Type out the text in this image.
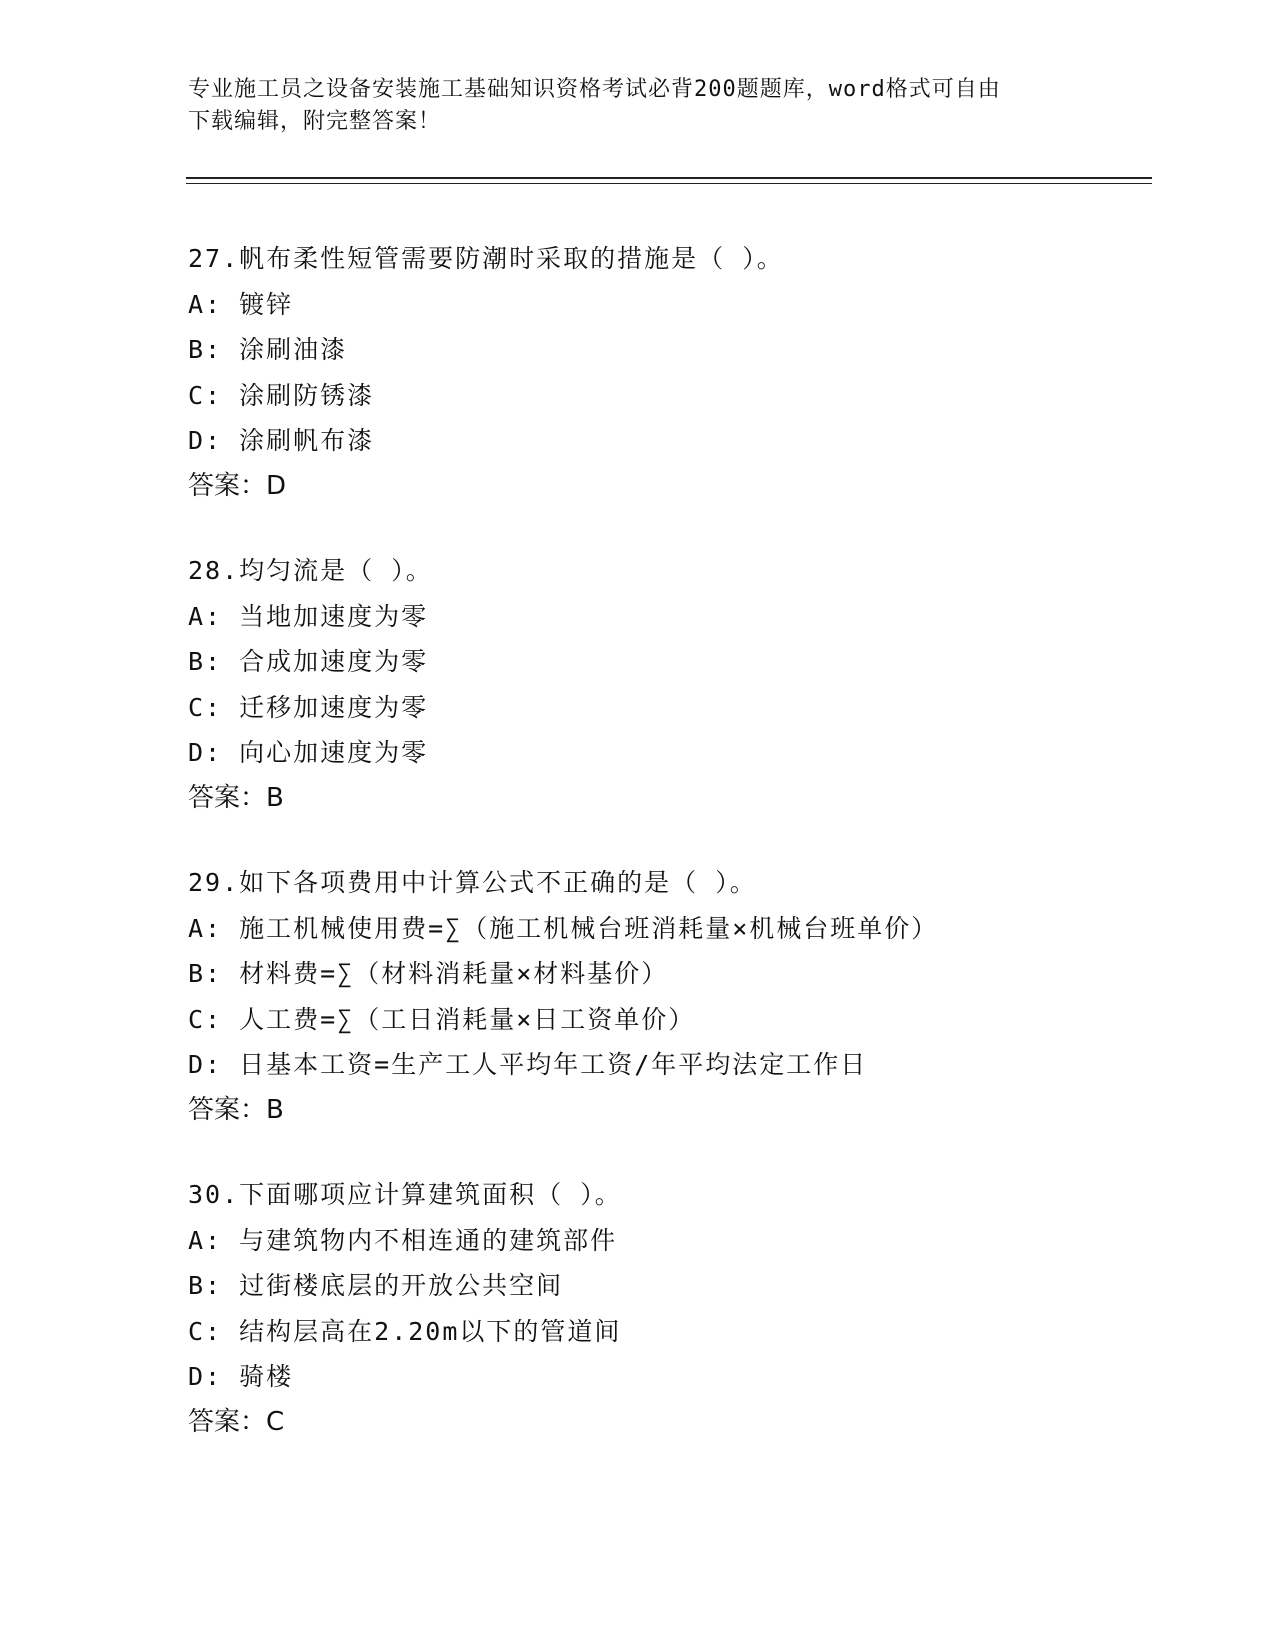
专业施工员之设备安装施工基础知识资格考试必背200题题库，word格式可自由
下载编辑，附完整答案！
27.帆布柔性短管需要防潮时采取的措施是（ ）。
A: 镀锌
B: 涂刷油漆
C: 涂刷防锈漆
D: 涂刷帆布漆
答案：D
28.均匀流是（ ）。
A: 当地加速度为零
B: 合成加速度为零
C: 迁移加速度为零
D: 向心加速度为零
答案：B
29.如下各项费用中计算公式不正确的是（ ）。
A: 施工机械使用费=∑（施工机械台班消耗量×机械台班单价）
B: 材料费=∑（材料消耗量×材料基价）
C: 人工费=∑（工日消耗量×日工资单价）
D: 日基本工资=生产工人平均年工资/年平均法定工作日
答案：B
30.下面哪项应计算建筑面积（ ）。
A: 与建筑物内不相连通的建筑部件
B: 过街楼底层的开放公共空间
C: 结构层高在2.20m以下的管道间
D: 骑楼
答案：C
